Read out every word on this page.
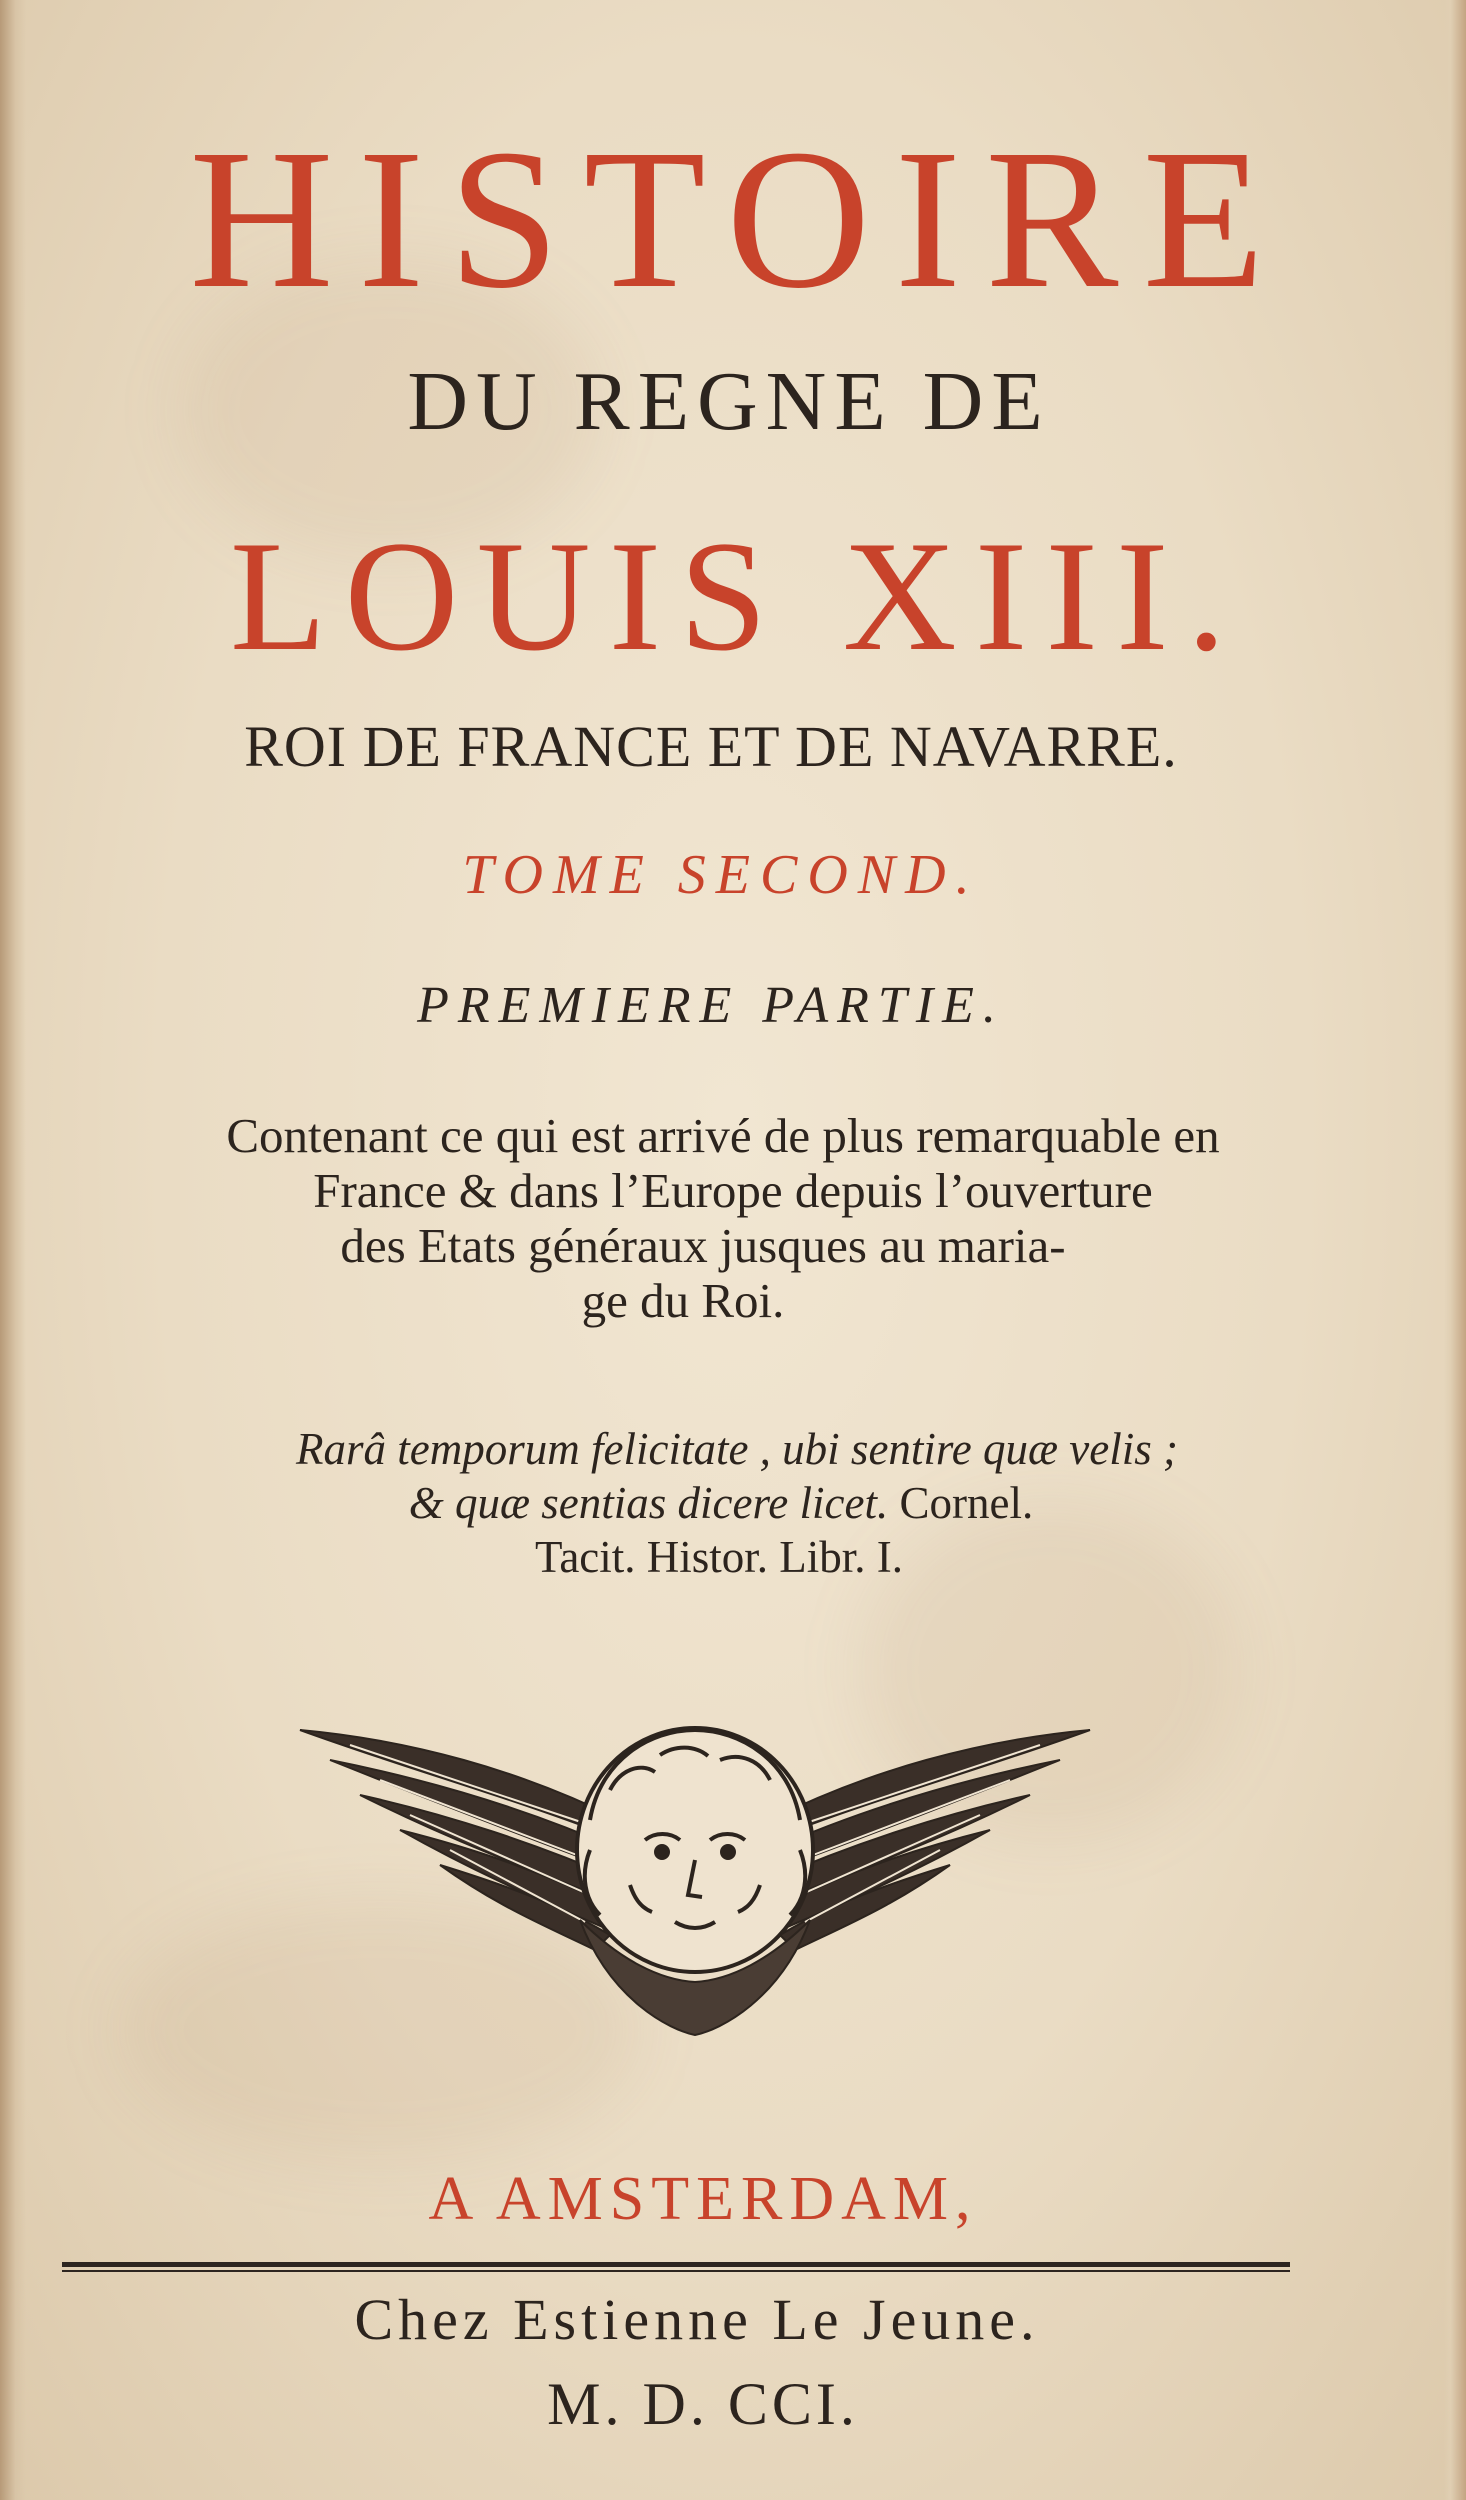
HISTOIRE
DU REGNE DE
LOUIS XIII.
ROI DE FRANCE ET DE NAVARRE.
TOME SECOND.
PREMIERE PARTIE.
Contenant ce qui est arrivé de plus remarquable en
France & dans l’Europe depuis l’ouverture
des Etats généraux jusques au maria-
ge du Roi.
Rarâ temporum felicitate , ubi sentire quæ velis ;
& quæ sentias dicere licet. Cornel.
Tacit. Histor. Libr. I.
A AMSTERDAM,
Chez Estienne Le Jeune.
M. D. CCI.
